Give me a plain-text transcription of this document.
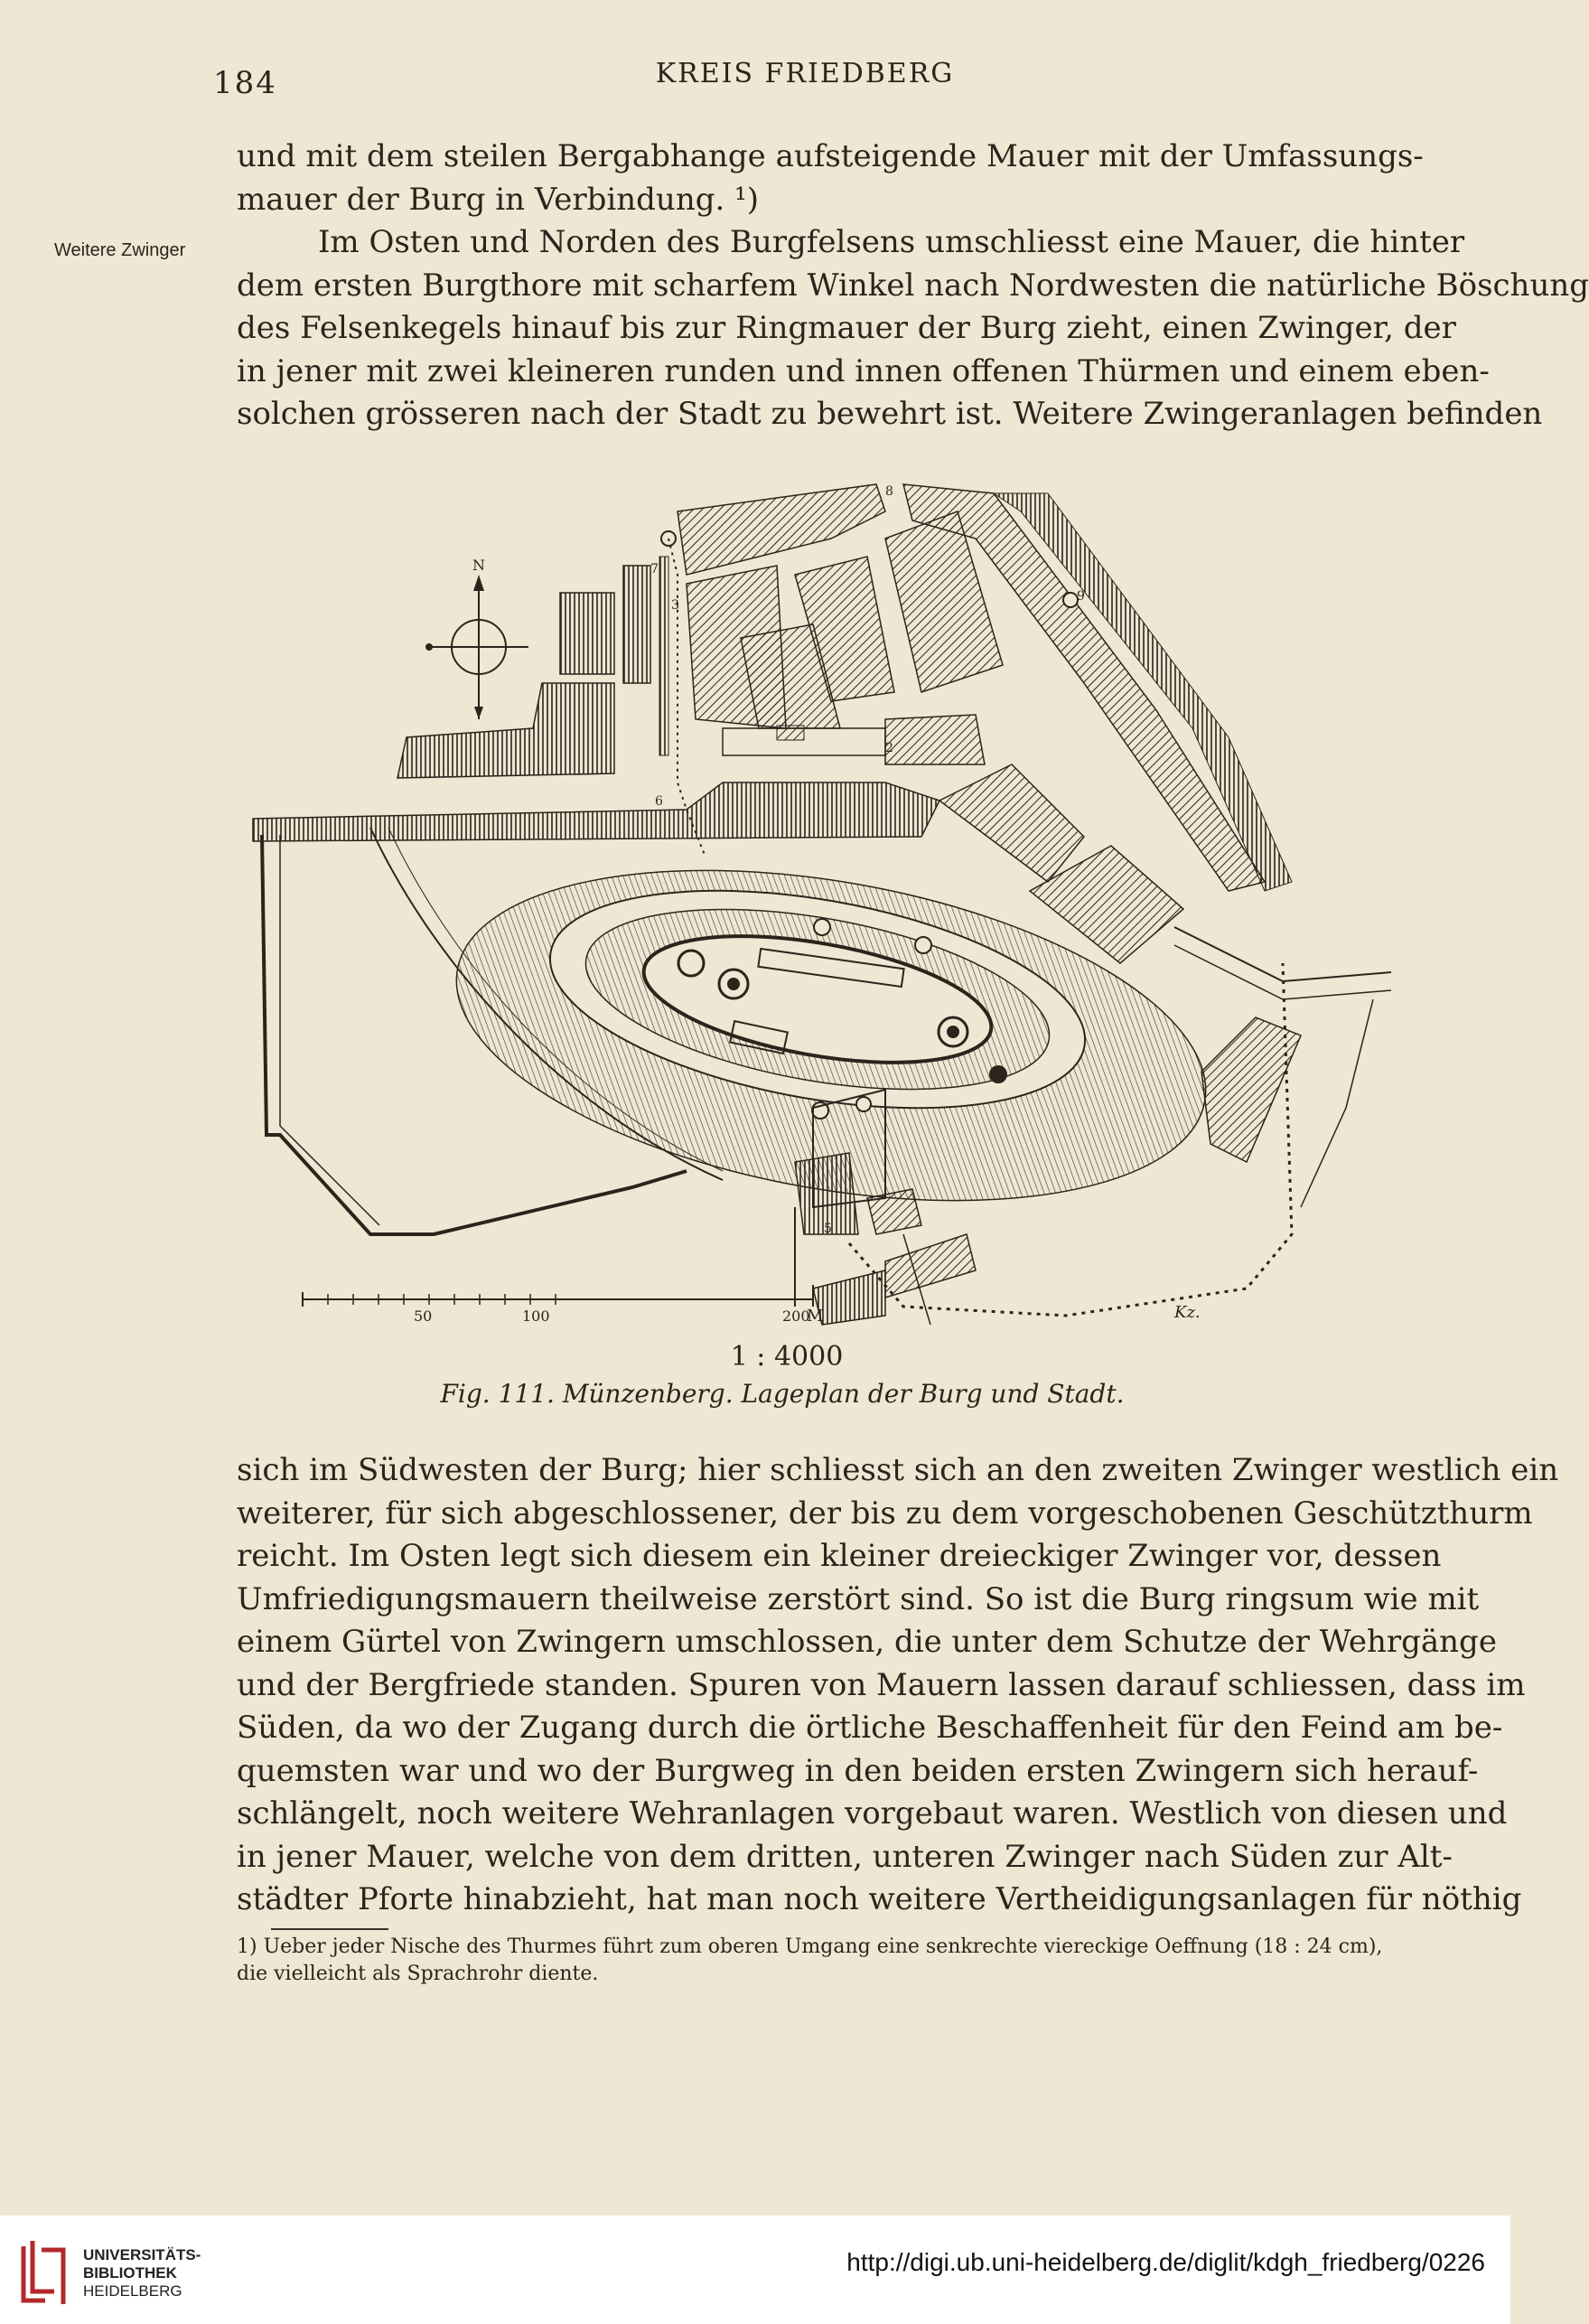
184	KREIS FRIEDBERG
Weitere Zwinger
und mit dem steilen Bergabhange aufsteigende Mauer mit der Umfassungs-
mauer der Burg in Verbindung. ¹)
Im Osten und Norden des Burgfelsens umschliesst eine Mauer, die hinter
dem ersten Burgthore mit scharfem Winkel nach Nordwesten die natürliche Böschung
des Felsenkegels hinauf bis zur Ringmauer der Burg zieht, einen Zwinger, der
in jener mit zwei kleineren runden und innen offenen Thürmen und einem eben-
solchen grösseren nach der Stadt zu bewehrt ist. Weitere Zwingeranlagen befinden
N
8
7
3
9
2
6
5
50	100	200
M	Kz.
1 : 4000
Fig. 111. Münzenberg. Lageplan der Burg und Stadt.
sich im Südwesten der Burg; hier schliesst sich an den zweiten Zwinger westlich ein
weiterer, für sich abgeschlossener, der bis zu dem vorgeschobenen Geschützthurm
reicht. Im Osten legt sich diesem ein kleiner dreieckiger Zwinger vor, dessen
Umfriedigungsmauern theilweise zerstört sind. So ist die Burg ringsum wie mit
einem Gürtel von Zwingern umschlossen, die unter dem Schutze der Wehrgänge
und der Bergfriede standen. Spuren von Mauern lassen darauf schliessen, dass im
Süden, da wo der Zugang durch die örtliche Beschaffenheit für den Feind am be-
quemsten war und wo der Burgweg in den beiden ersten Zwingern sich herauf-
schlängelt, noch weitere Wehranlagen vorgebaut waren. Westlich von diesen und
in jener Mauer, welche von dem dritten, unteren Zwinger nach Süden zur Alt-
städter Pforte hinabzieht, hat man noch weitere Vertheidigungsanlagen für nöthig
1) Ueber jeder Nische des Thurmes führt zum oberen Umgang eine senkrechte viereckige Oeffnung (18 : 24 cm),
die vielleicht als Sprachrohr diente.
UNIVERSITÄTS-
BIBLIOTHEK
HEIDELBERG
http://digi.ub.uni-heidelberg.de/diglit/kdgh_friedberg/0226
